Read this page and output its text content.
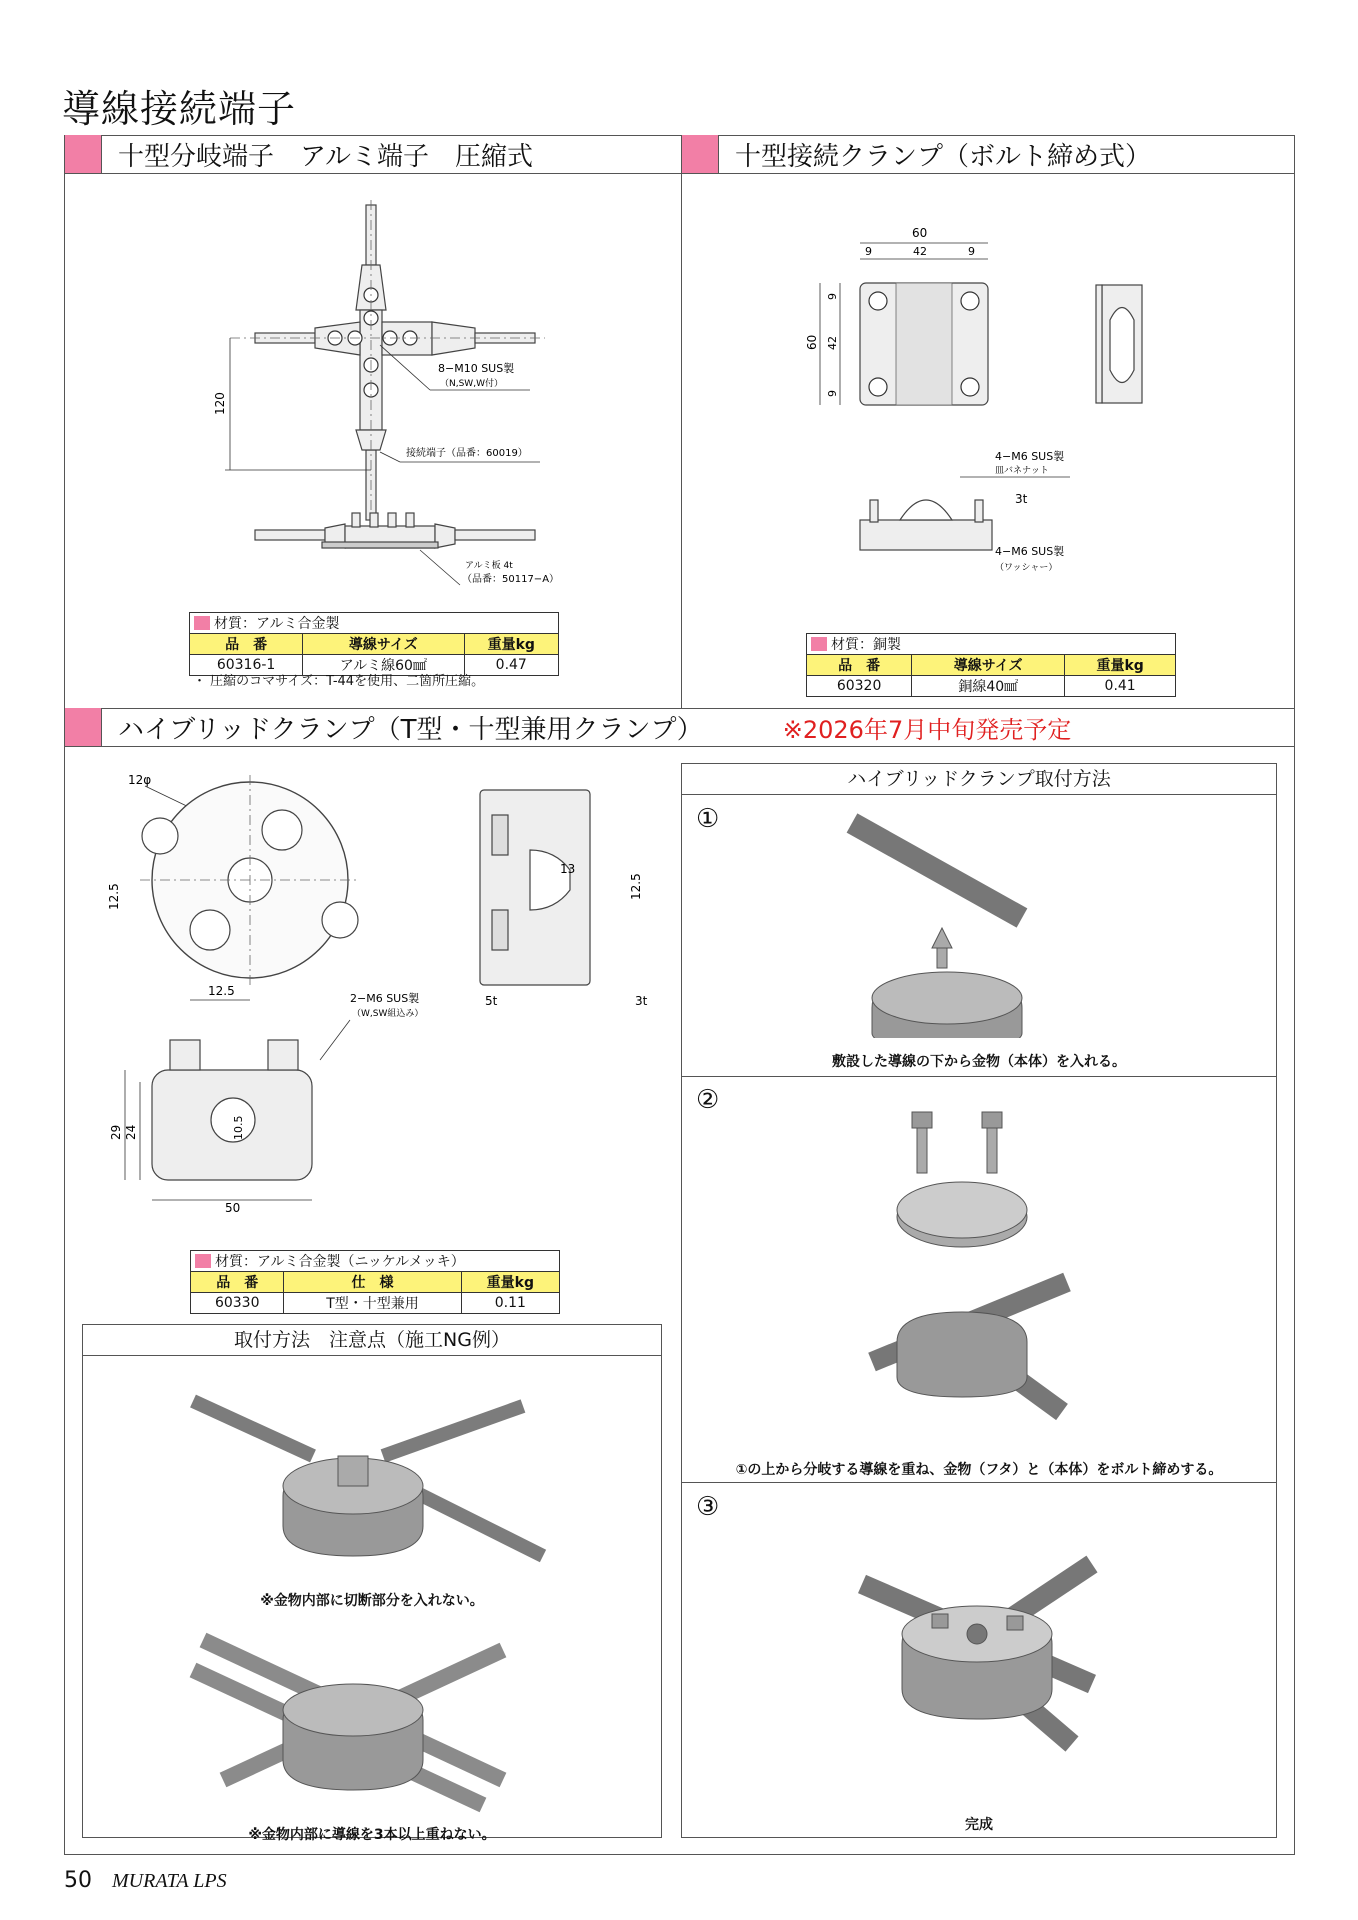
導線接続端子
十型分岐端子　アルミ端子　圧縮式	十型接続クランプ（ボルト締め式）
ハイブリッドクランプ（T型・十型兼用クランプ）	※2026年7月中旬発売予定
120
8−M10 SUS製
（N,SW,W付）
接続端子（品番：60019）
アルミ板 4t
（品番：50117−A）
材質：アルミ合金製		
品　番	導線サイズ	重量kg
60316-1	アルミ線60㎟	0.47
・ 圧縮のコマサイズ：T-44を使用、二箇所圧縮。
60
9	42	9
60
9
42
9
4−M6 SUS製
皿バネナット
3t
4−M6 SUS製
（ワッシャー）
材質：銅製		
品　番	導線サイズ	重量kg
60320	銅線40㎟	0.41
12φ
12.5
12.5
13
12.5
5t	3t
2−M6 SUS製
（W,SW組込み）
29 24	10.5
50
材質：アルミ合金製（ニッケルメッキ）		
品　番	仕　様	重量kg
60330	T型・十型兼用	0.11
取付方法　注意点（施工NG例）
※金物内部に切断部分を入れない。
※金物内部に導線を3本以上重ねない。
ハイブリッドクランプ取付方法
①
敷設した導線の下から金物（本体）を入れる。
②
①の上から分岐する導線を重ね、金物（フタ）と（本体）をボルト締めする。
③
完成
50 MURATA LPS
